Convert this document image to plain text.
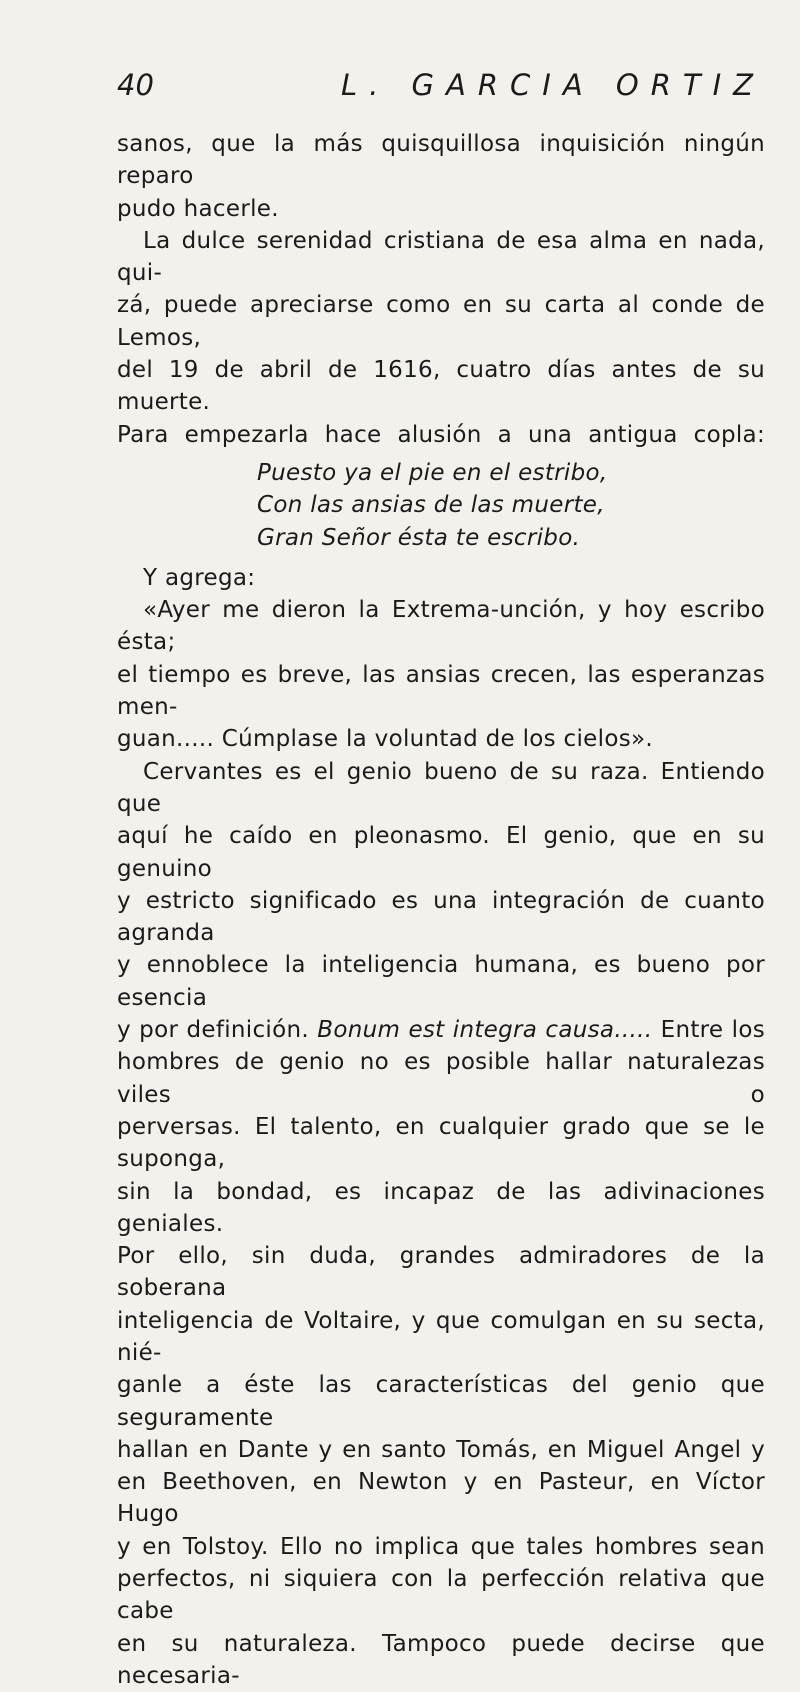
40	L. GARCIA ORTIZ

sanos, que la más quisquillosa inquisición ningún reparo
pudo hacerle.

La dulce serenidad cristiana de esa alma en nada, qui-
zá, puede apreciarse como en su carta al conde de Lemos,
del 19 de abril de 1616, cuatro días antes de su muerte.
Para empezarla hace alusión a una antigua copla:

Puesto ya el pie en el estribo,
Con las ansias de las muerte,
Gran Señor ésta te escribo.

Y agrega:

«Ayer me dieron la Extrema-unción, y hoy escribo ésta;
el tiempo es breve, las ansias crecen, las esperanzas men-
guan..... Cúmplase la voluntad de los cielos».

Cervantes es el genio bueno de su raza. Entiendo que
aquí he caído en pleonasmo. El genio, que en su genuino
y estricto significado es una integración de cuanto agranda
y ennoblece la inteligencia humana, es bueno por esencia
y por definición. Bonum est integra causa..... Entre los
hombres de genio no es posible hallar naturalezas viles o
perversas. El talento, en cualquier grado que se le suponga,
sin la bondad, es incapaz de las adivinaciones geniales.
Por ello, sin duda, grandes admiradores de la soberana
inteligencia de Voltaire, y que comulgan en su secta, nié-
ganle a éste las características del genio que seguramente
hallan en Dante y en santo Tomás, en Miguel Angel y
en Beethoven, en Newton y en Pasteur, en Víctor Hugo
y en Tolstoy. Ello no implica que tales hombres sean
perfectos, ni siquiera con la perfección relativa que cabe
en su naturaleza. Tampoco puede decirse que necesaria-
